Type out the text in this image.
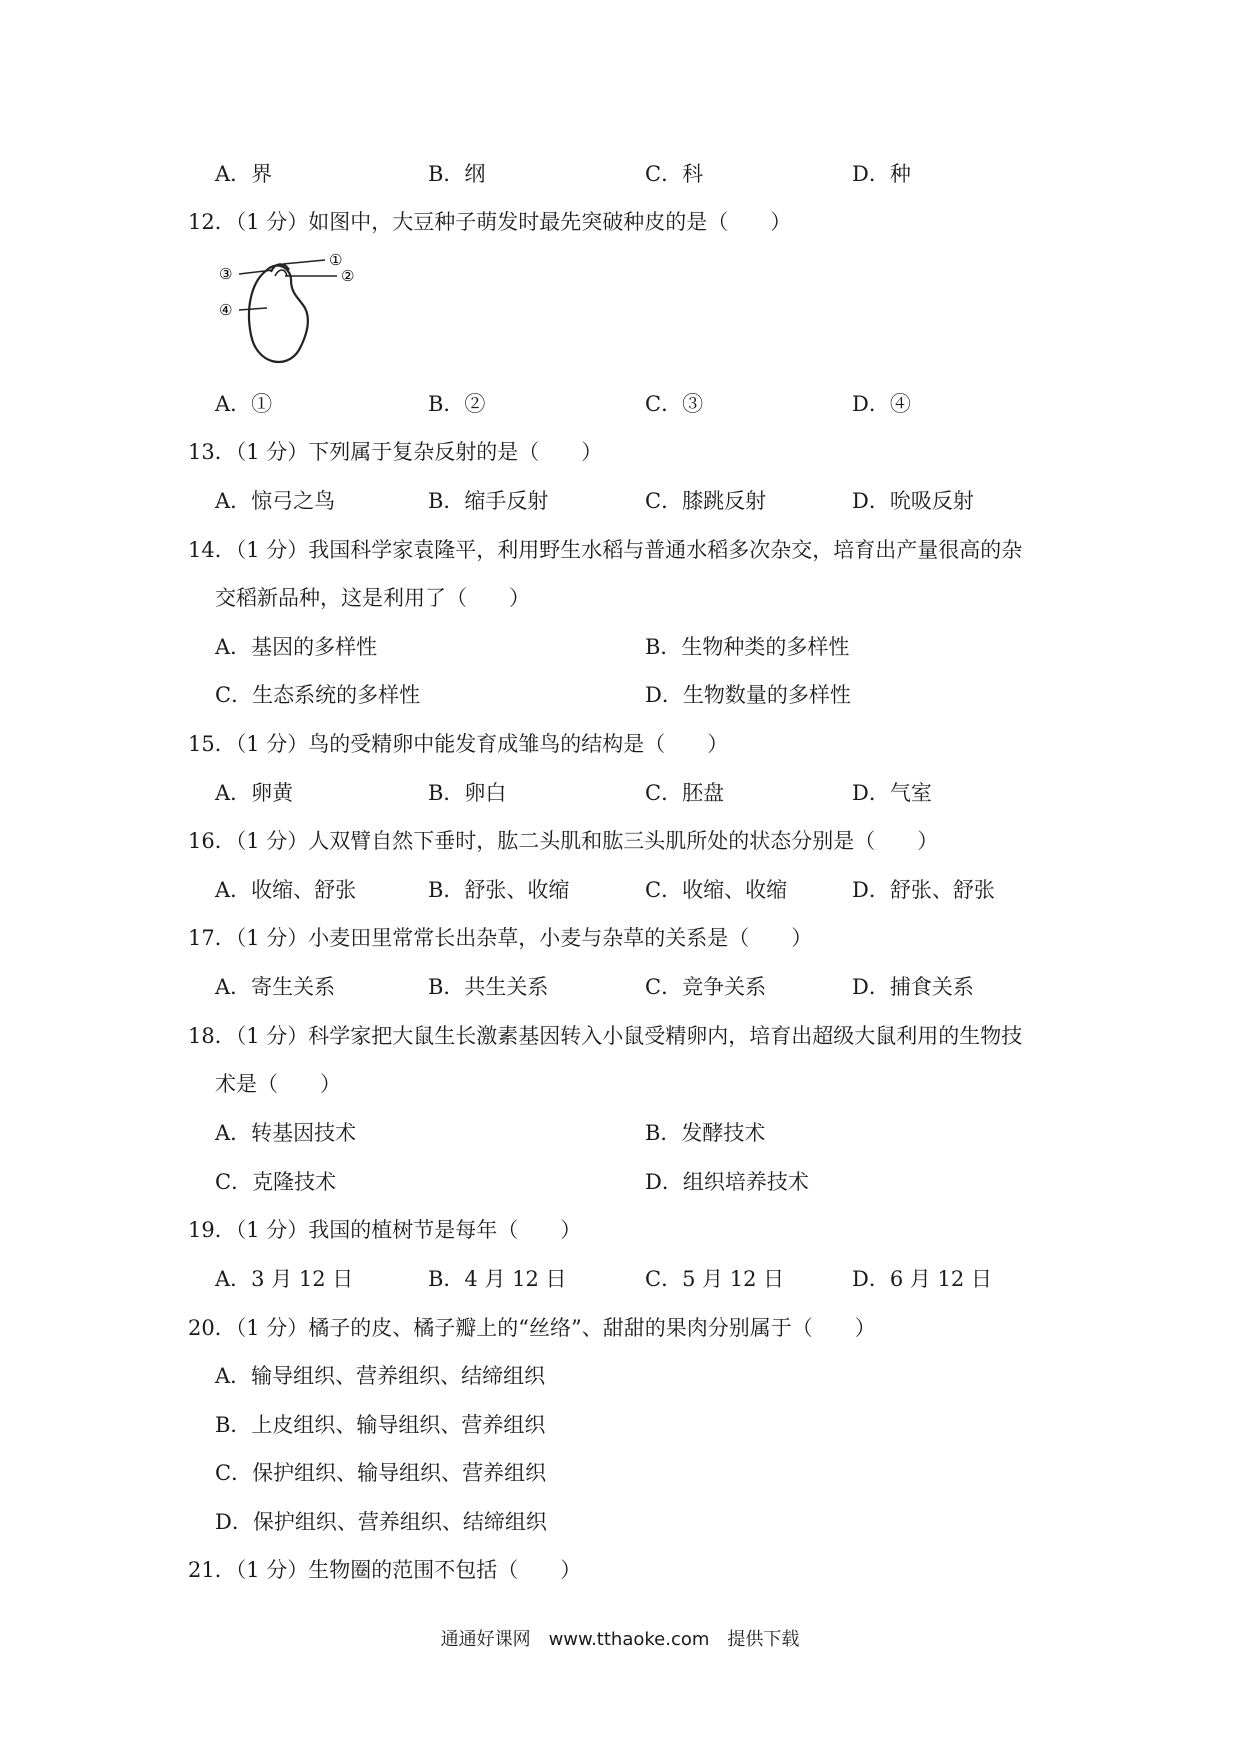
A．界	B．纲	C．科	D．种
12．（1 分）如图中，大豆种子萌发时最先突破种皮的是（　　）
①
②
③
④
A．①	B．②	C．③	D．④
13．（1 分）下列属于复杂反射的是（　　）
A．惊弓之鸟	B．缩手反射	C．膝跳反射	D．吮吸反射
14．（1 分）我国科学家袁隆平，利用野生水稻与普通水稻多次杂交，培育出产量很高的杂
交稻新品种，这是利用了（　　）
A．基因的多样性	B．生物种类的多样性
C．生态系统的多样性	D．生物数量的多样性
15．（1 分）鸟的受精卵中能发育成雏鸟的结构是（　　）
A．卵黄	B．卵白	C．胚盘	D．气室
16．（1 分）人双臂自然下垂时，肱二头肌和肱三头肌所处的状态分别是（　　）
A．收缩、舒张	B．舒张、收缩	C．收缩、收缩	D．舒张、舒张
17．（1 分）小麦田里常常长出杂草，小麦与杂草的关系是（　　）
A．寄生关系	B．共生关系	C．竞争关系	D．捕食关系
18．（1 分）科学家把大鼠生长激素基因转入小鼠受精卵内，培育出超级大鼠利用的生物技
术是（　　）
A．转基因技术	B．发酵技术
C．克隆技术	D．组织培养技术
19．（1 分）我国的植树节是每年（　　）
A．3 月 12 日	B．4 月 12 日	C．5 月 12 日	D．6 月 12 日
20．（1 分）橘子的皮、橘子瓣上的“丝络”、甜甜的果肉分别属于（　　）
A．输导组织、营养组织、结缔组织
B．上皮组织、输导组织、营养组织
C．保护组织、输导组织、营养组织
D．保护组织、营养组织、结缔组织
21．（1 分）生物圈的范围不包括（　　）
通通好课网　www.tthaoke.com　提供下载
